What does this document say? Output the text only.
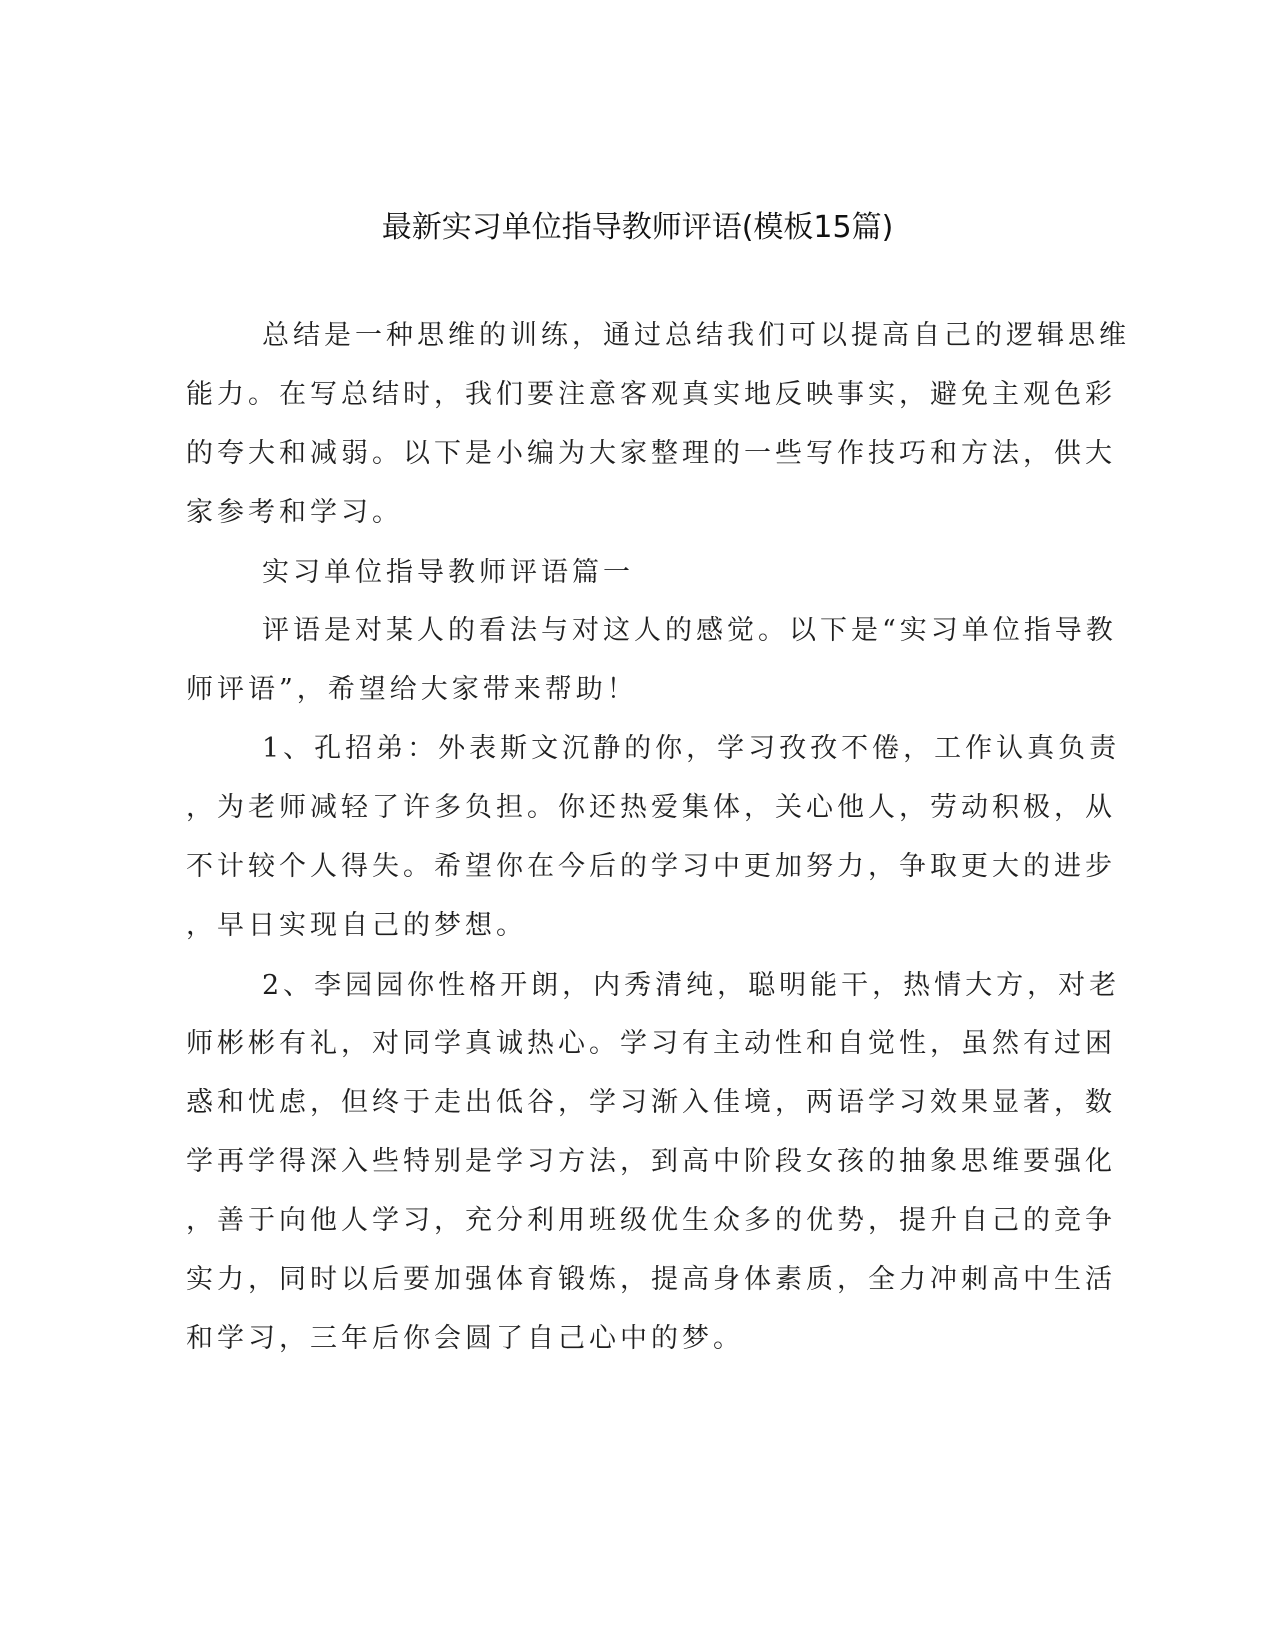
最新实习单位指导教师评语(模板15篇)
总结是一种思维的训练，通过总结我们可以提高自己的逻辑思维
能力。在写总结时，我们要注意客观真实地反映事实，避免主观色彩
的夸大和减弱。以下是小编为大家整理的一些写作技巧和方法，供大
家参考和学习。
实习单位指导教师评语篇一
评语是对某人的看法与对这人的感觉。以下是“实习单位指导教
师评语”，希望给大家带来帮助！
1、孔招弟：外表斯文沉静的你，学习孜孜不倦，工作认真负责
，为老师减轻了许多负担。你还热爱集体，关心他人，劳动积极，从
不计较个人得失。希望你在今后的学习中更加努力，争取更大的进步
，早日实现自己的梦想。
2、李园园你性格开朗，内秀清纯，聪明能干，热情大方，对老
师彬彬有礼，对同学真诚热心。学习有主动性和自觉性，虽然有过困
惑和忧虑，但终于走出低谷，学习渐入佳境，两语学习效果显著，数
学再学得深入些特别是学习方法，到高中阶段女孩的抽象思维要强化
，善于向他人学习，充分利用班级优生众多的优势，提升自己的竞争
实力，同时以后要加强体育锻炼，提高身体素质，全力冲刺高中生活
和学习，三年后你会圆了自己心中的梦。
